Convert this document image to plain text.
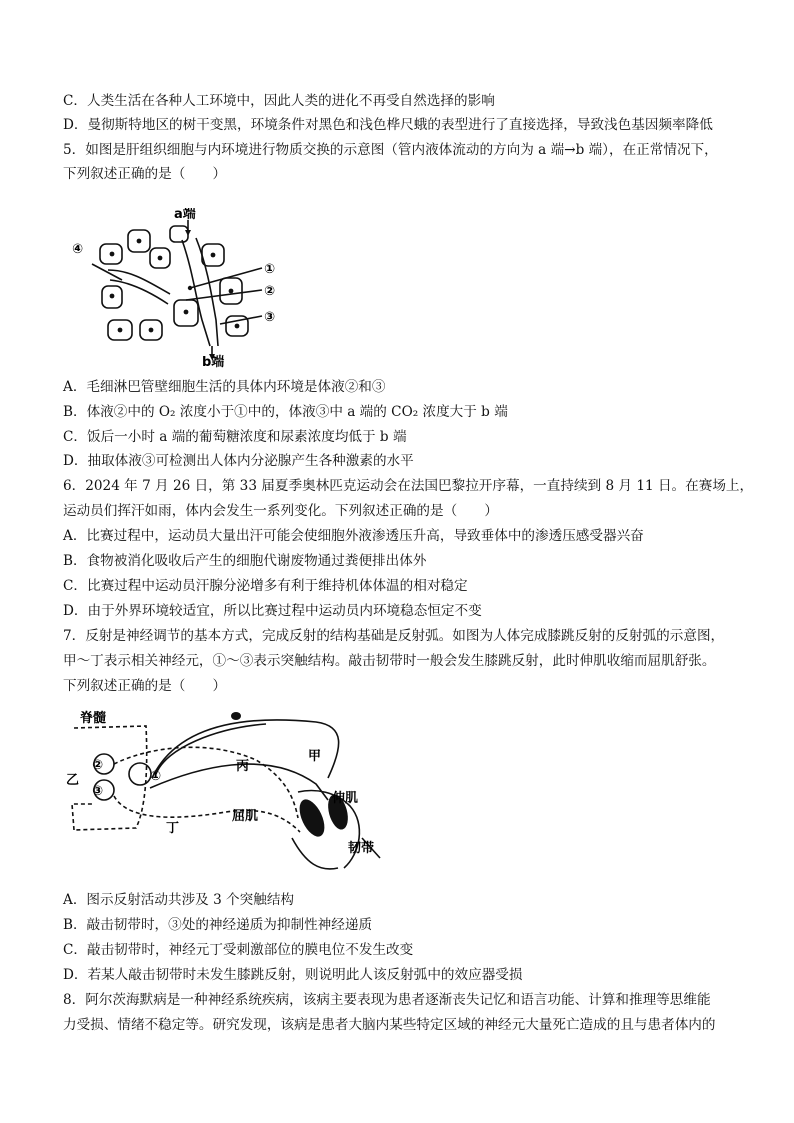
C．人类生活在各种人工环境中，因此人类的进化不再受自然选择的影响
D．曼彻斯特地区的树干变黑，环境条件对黑色和浅色桦尺蛾的表型进行了直接选择，导致浅色基因频率降低
5．如图是肝组织细胞与内环境进行物质交换的示意图（管内液体流动的方向为 a 端→b 端），在正常情况下，
下列叙述正确的是（　　）
a端
b端
①
②
③
④
A．毛细淋巴管壁细胞生活的具体内环境是体液②和③
B．体液②中的 O₂ 浓度小于①中的，体液③中 a 端的 CO₂ 浓度大于 b 端
C．饭后一小时 a 端的葡萄糖浓度和尿素浓度均低于 b 端
D．抽取体液③可检测出人体内分泌腺产生各种激素的水平
6．2024 年 7 月 26 日，第 33 届夏季奥林匹克运动会在法国巴黎拉开序幕，一直持续到 8 月 11 日。在赛场上，
运动员们挥汗如雨，体内会发生一系列变化。下列叙述正确的是（　　）
A．比赛过程中，运动员大量出汗可能会使细胞外液渗透压升高，导致垂体中的渗透压感受器兴奋
B．食物被消化吸收后产生的细胞代谢废物通过粪便排出体外
C．比赛过程中运动员汗腺分泌增多有利于维持机体体温的相对稳定
D．由于外界环境较适宜，所以比赛过程中运动员内环境稳态恒定不变
7．反射是神经调节的基本方式，完成反射的结构基础是反射弧。如图为人体完成膝跳反射的反射弧的示意图，
甲～丁表示相关神经元，①～③表示突触结构。敲击韧带时一般会发生膝跳反射，此时伸肌收缩而屈肌舒张。
下列叙述正确的是（　　）
脊髓
乙
②
③
①
丙
甲
丁
伸肌
屈肌
韧带
A．图示反射活动共涉及 3 个突触结构
B．敲击韧带时，③处的神经递质为抑制性神经递质
C．敲击韧带时，神经元丁受刺激部位的膜电位不发生改变
D．若某人敲击韧带时未发生膝跳反射，则说明此人该反射弧中的效应器受损
8．阿尔茨海默病是一种神经系统疾病，该病主要表现为患者逐渐丧失记忆和语言功能、计算和推理等思维能
力受损、情绪不稳定等。研究发现，该病是患者大脑内某些特定区域的神经元大量死亡造成的且与患者体内的
